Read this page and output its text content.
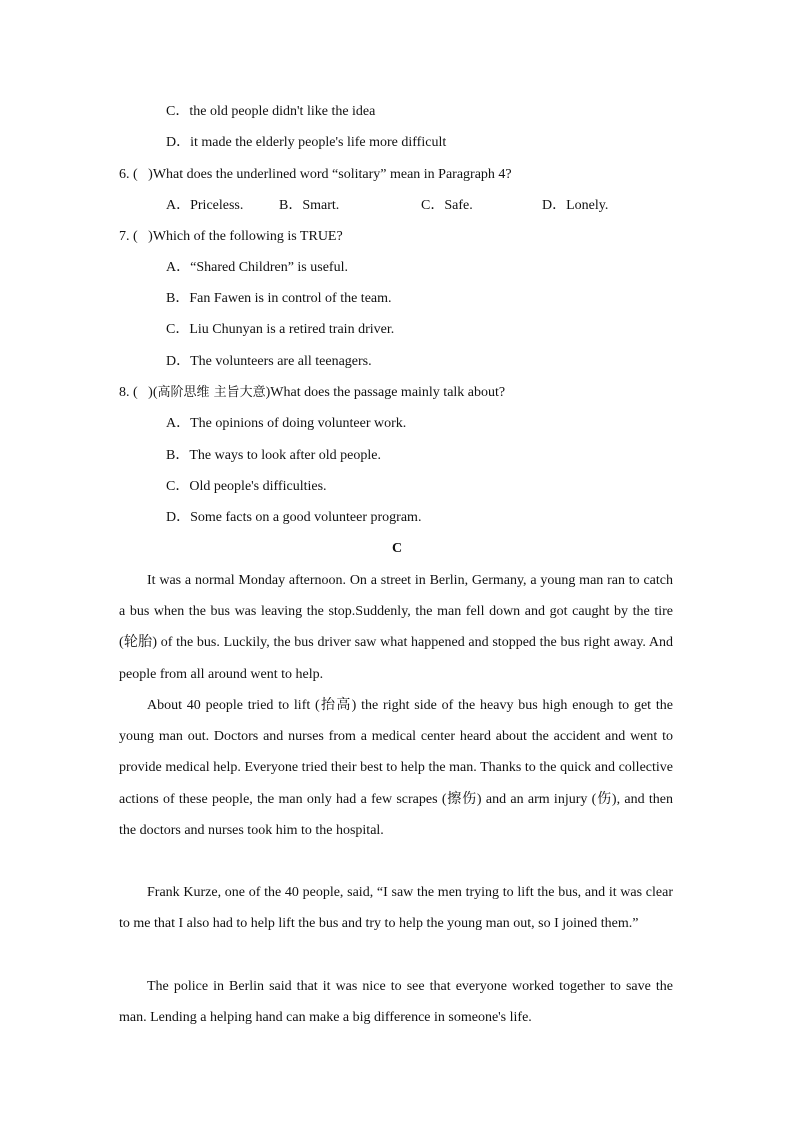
C．the old people didn't like the idea
D．it made the elderly people's life more difficult
6. (   )What does the underlined word “solitary” mean in Paragraph 4?
A．Priceless.	B．Smart.	C．Safe.	D．Lonely.
7. (   )Which of the following is TRUE?
A．“Shared Children” is useful.
B．Fan Fawen is in control of the team.
C．Liu Chunyan is a retired train driver.
D．The volunteers are all teenagers.
8. (   )(高阶思维 主旨大意)What does the passage mainly talk about?
A．The opinions of doing volunteer work.
B．The ways to look after old people.
C．Old people's difficulties.
D．Some facts on a good volunteer program.
C

It was a normal Monday afternoon. On a street in Berlin, Germany, a young man ran to catch a bus when the bus was leaving the stop.Suddenly, the man fell down and got caught by the tire (轮胎) of the bus. Luckily, the bus driver saw what happened and stopped the bus right away. And people from all around went to help.

About 40 people tried to lift (抬高) the right side of the heavy bus high enough to get the young man out. Doctors and nurses from a medical center heard about the accident and went to provide medical help. Everyone tried their best to help the man. Thanks to the quick and collective actions of these people, the man only had a few scrapes (擦伤) and an arm injury (伤), and then the doctors and nurses took him to the hospital.

Frank Kurze, one of the 40 people, said, “I saw the men trying to lift the bus, and it was clear to me that I also had to help lift the bus and try to help the young man out, so I joined them.”

The police in Berlin said that it was nice to see that everyone worked together to save the man. Lending a helping hand can make a big difference in someone's life.
